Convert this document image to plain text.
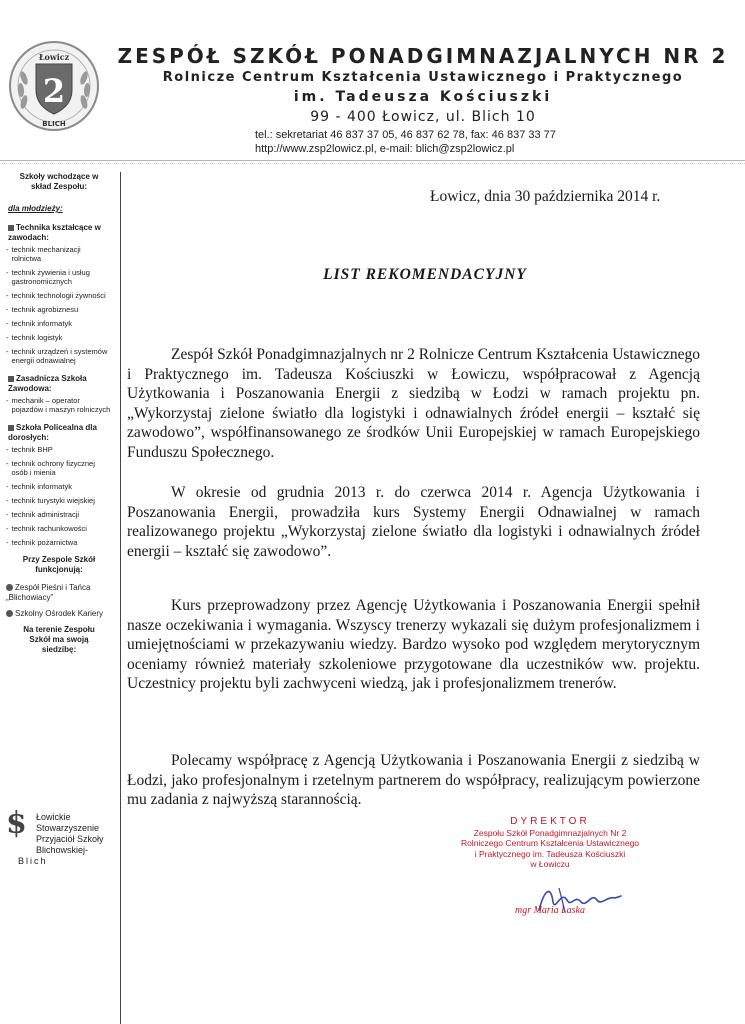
Łowicz
2
BLICH
ZESPÓŁ SZKÓŁ PONADGIMNAZJALNYCH NR 2
Rolnicze Centrum Kształcenia Ustawicznego i Praktycznego
im. Tadeusza Kościuszki
99 - 400 Łowicz, ul. Blich 10
tel.: sekretariat 46 837 37 05, 46 837 62 78, fax: 46 837 33 77
http://www.zsp2lowicz.pl, e-mail: blich@zsp2lowicz.pl
Szkoły wchodzące w skład Zespołu:
dla młodzieży:
Technika kształcące w zawodach:
- technik mechanizacji rolnictwa
- technik żywienia i usług gastronomicznych
- technik technologii żywności
- technik agrobiznesu
- technik informatyk
- technik logistyk
- technik urządzeń i systemów energii odnawialnej
Zasadnicza Szkoła Zawodowa:
- mechanik – operator pojazdów i maszyn rolniczych
Szkoła Policealna dla dorosłych:
- technik BHP
- technik ochrony fizycznej osób i mienia
- technik informatyk
- technik turystyki wiejskiej
- technik administracji
- technik rachunkowości
- technik pożarnictwa
Przy Zespole Szkół funkcjonują:
Zespół Pieśni i Tańca „Blichowiacy”
Szkolny Ośrodek Kariery
Na terenie Zespołu Szkół ma swoją siedzibę:
$ Łowickie Stowarzyszenie Przyjaciół Szkoły Blichowskiej-
Blich
Łowicz, dnia 30 października 2014 r.
LIST REKOMENDACYJNY

Zespół Szkół Ponadgimnazjalnych nr 2 Rolnicze Centrum Kształcenia Ustawicznego i Praktycznego im. Tadeusza Kościuszki w Łowiczu, współpracował z Agencją Użytkowania i Poszanowania Energii z siedzibą w Łodzi w ramach projektu pn. „Wykorzystaj zielone światło dla logistyki i odnawialnych źródeł energii – kształć się zawodowo”, współfinansowanego ze środków Unii Europejskiej w ramach Europejskiego Funduszu Społecznego.

W okresie od grudnia 2013 r. do czerwca 2014 r. Agencja Użytkowania i Poszanowania Energii, prowadziła kurs Systemy Energii Odnawialnej w ramach realizowanego projektu „Wykorzystaj zielone światło dla logistyki i odnawialnych źródeł energii – kształć się zawodowo”.

Kurs przeprowadzony przez Agencję Użytkowania i Poszanowania Energii spełnił nasze oczekiwania i wymagania. Wszyscy trenerzy wykazali się dużym profesjonalizmem i umiejętnościami w przekazywaniu wiedzy. Bardzo wysoko pod względem merytorycznym oceniamy również materiały szkoleniowe przygotowane dla uczestników ww. projektu. Uczestnicy projektu byli zachwyceni wiedzą, jak i profesjonalizmem trenerów.

Polecamy współpracę z Agencją Użytkowania i Poszanowania Energii z siedzibą w Łodzi, jako profesjonalnym i rzetelnym partnerem do współpracy, realizującym powierzone mu zadania z najwyższą starannością.

DYREKTOR
Zespołu Szkół Ponadgimnazjalnych Nr 2
Rolniczego Centrum Kształcenia Ustawicznego
i Praktycznego im. Tadeusza Kościuszki
w Łowiczu
mgr Maria Laska
